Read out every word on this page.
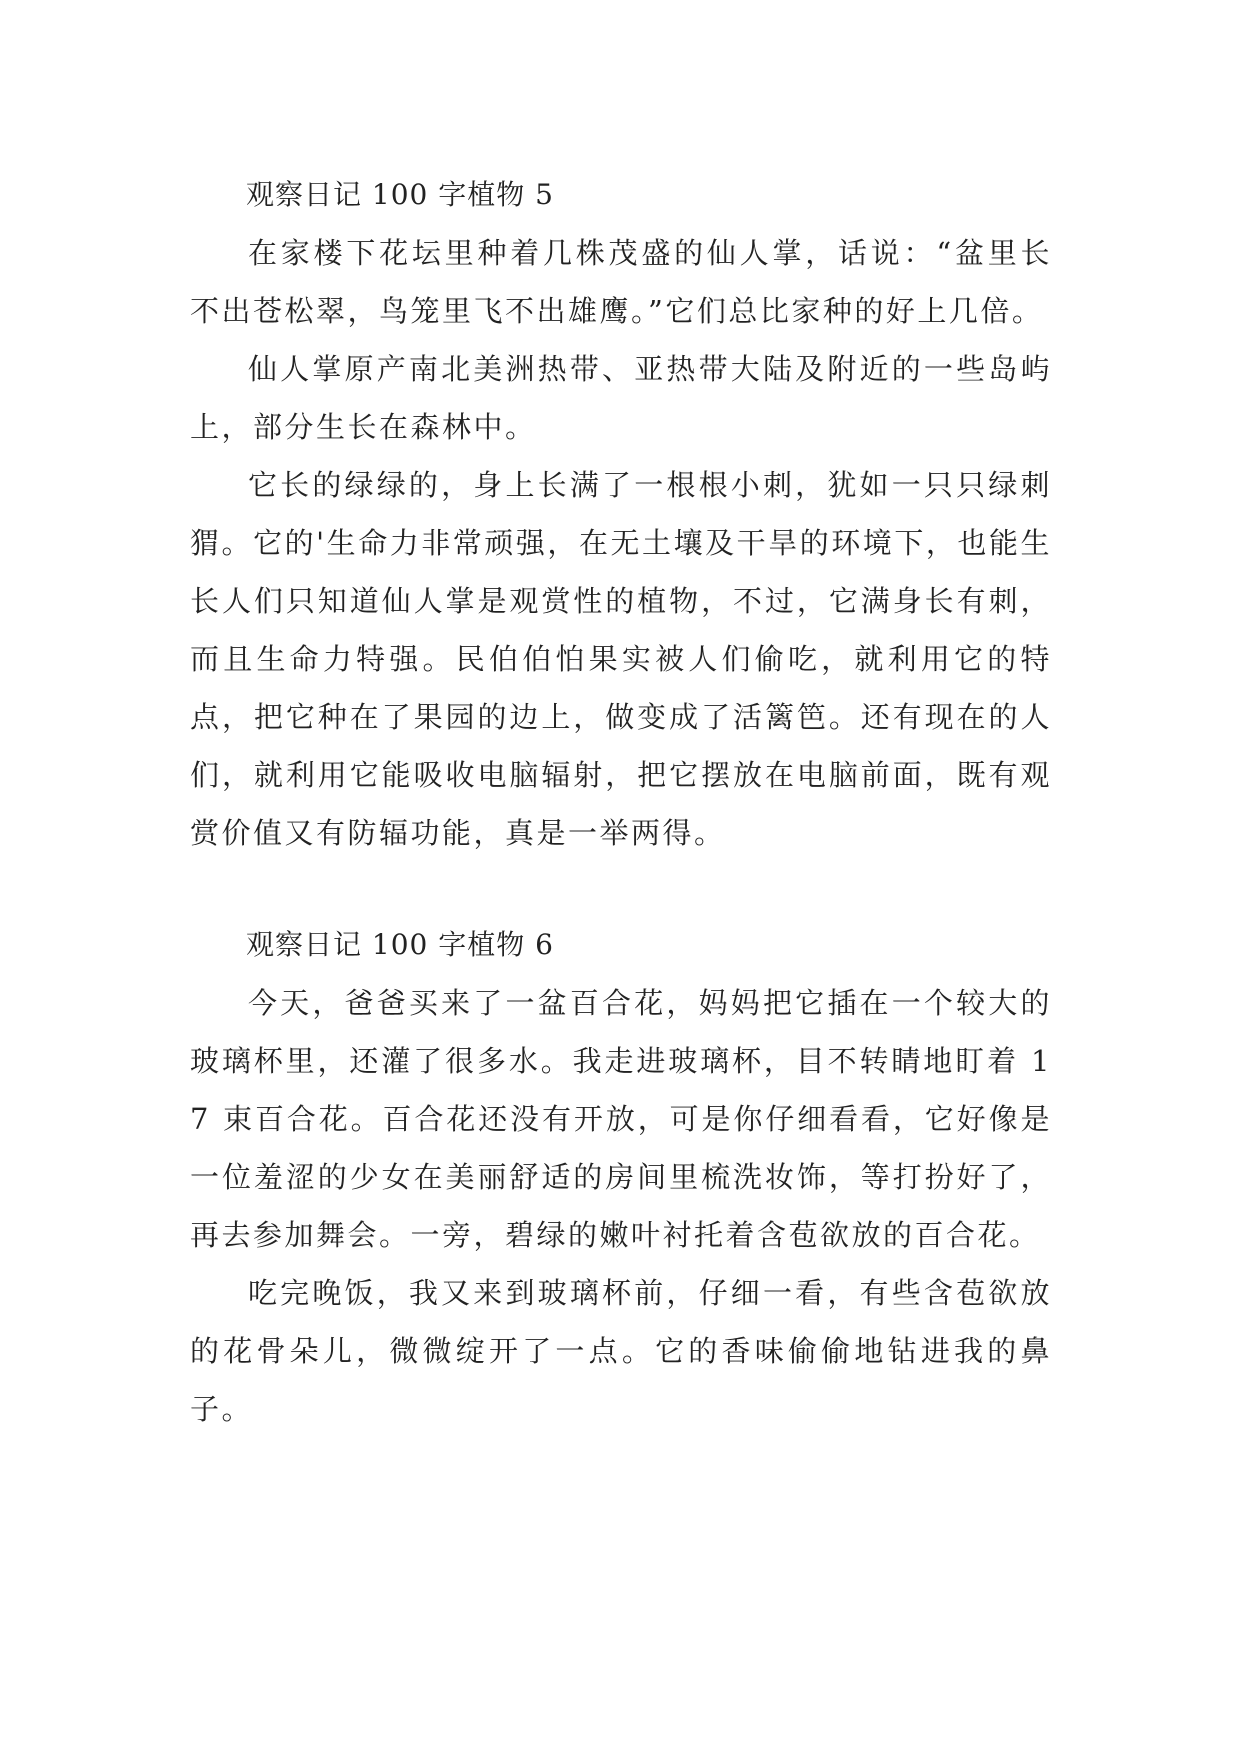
观察日记 100 字植物 5

在家楼下花坛里种着几株茂盛的仙人掌，话说：“盆里长不出苍松翠，鸟笼里飞不出雄鹰。”它们总比家种的好上几倍。

仙人掌原产南北美洲热带、亚热带大陆及附近的一些岛屿上，部分生长在森林中。

它长的绿绿的，身上长满了一根根小刺，犹如一只只绿刺猬。它的'生命力非常顽强，在无土壤及干旱的环境下，也能生长人们只知道仙人掌是观赏性的植物，不过，它满身长有刺，而且生命力特强。民伯伯怕果实被人们偷吃，就利用它的特点，把它种在了果园的边上，做变成了活篱笆。还有现在的人们，就利用它能吸收电脑辐射，把它摆放在电脑前面，既有观赏价值又有防辐功能，真是一举两得。

观察日记 100 字植物 6

今天，爸爸买来了一盆百合花，妈妈把它插在一个较大的玻璃杯里，还灌了很多水。我走进玻璃杯，目不转睛地盯着 17 束百合花。百合花还没有开放，可是你仔细看看，它好像是一位羞涩的少女在美丽舒适的房间里梳洗妆饰，等打扮好了，再去参加舞会。一旁，碧绿的嫩叶衬托着含苞欲放的百合花。

吃完晚饭，我又来到玻璃杯前，仔细一看，有些含苞欲放的花骨朵儿，微微绽开了一点。它的香味偷偷地钻进我的鼻子。
